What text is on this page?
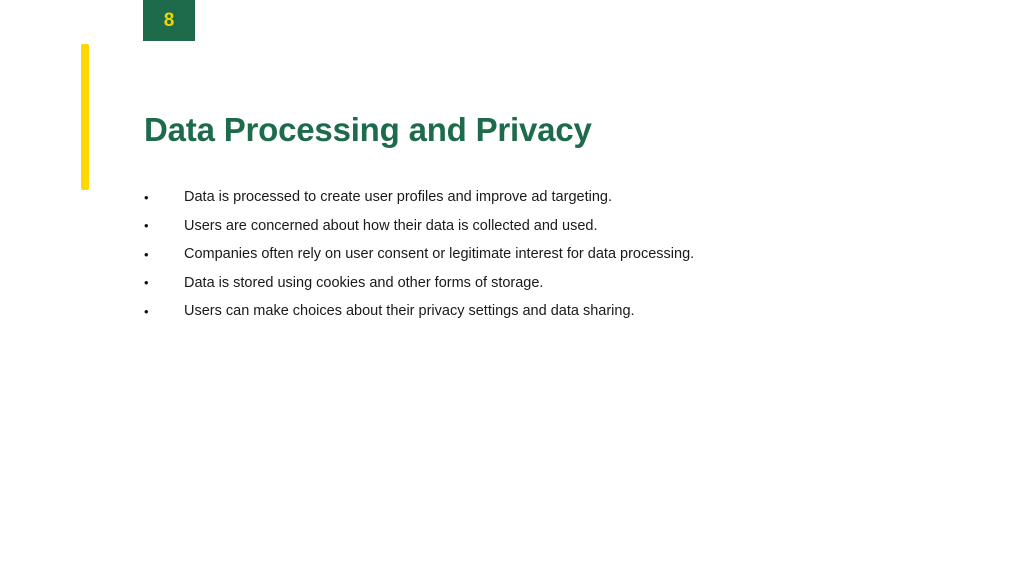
8
Data Processing and Privacy
•	Data is processed to create user profiles and improve ad targeting.
•	Users are concerned about how their data is collected and used.
•	Companies often rely on user consent or legitimate interest for data processing.
•	Data is stored using cookies and other forms of storage.
•	Users can make choices about their privacy settings and data sharing.
